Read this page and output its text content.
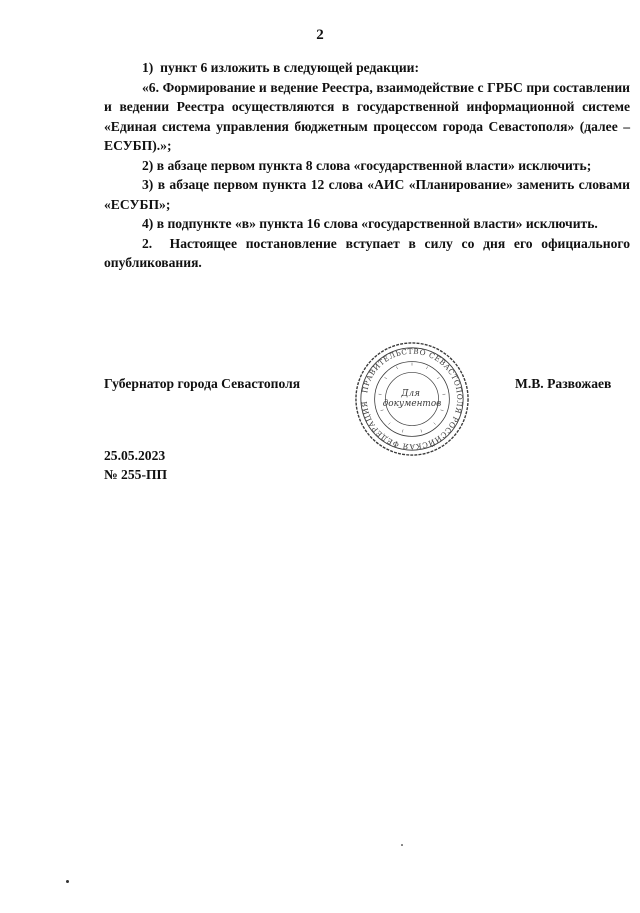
2

1)  пункт 6 изложить в следующей редакции:

«6. Формирование и ведение Реестра, взаимодействие с ГРБС при составлении и ведении Реестра осуществляются в государственной информационной системе «Единая система управления бюджетным процессом города Севастополя» (далее – ЕСУБП).»;

2) в абзаце первом пункта 8 слова «государственной власти» исключить;

3) в абзаце первом пункта 12 слова «АИС «Планирование» заменить словами «ЕСУБП»;

4) в подпункте «в» пункта 16 слова «государственной власти» исключить.

2.  Настоящее постановление вступает в силу со дня его официального опубликования.

Губернатор города Севастополя	М.В. Развожаев
ПРАВИТЕЛЬСТВО СЕВАСТОПОЛЯ РОССИЙСКАЯ ФЕДЕРАЦИЯ
Для документов
25.05.2023
№ 255-ПП
